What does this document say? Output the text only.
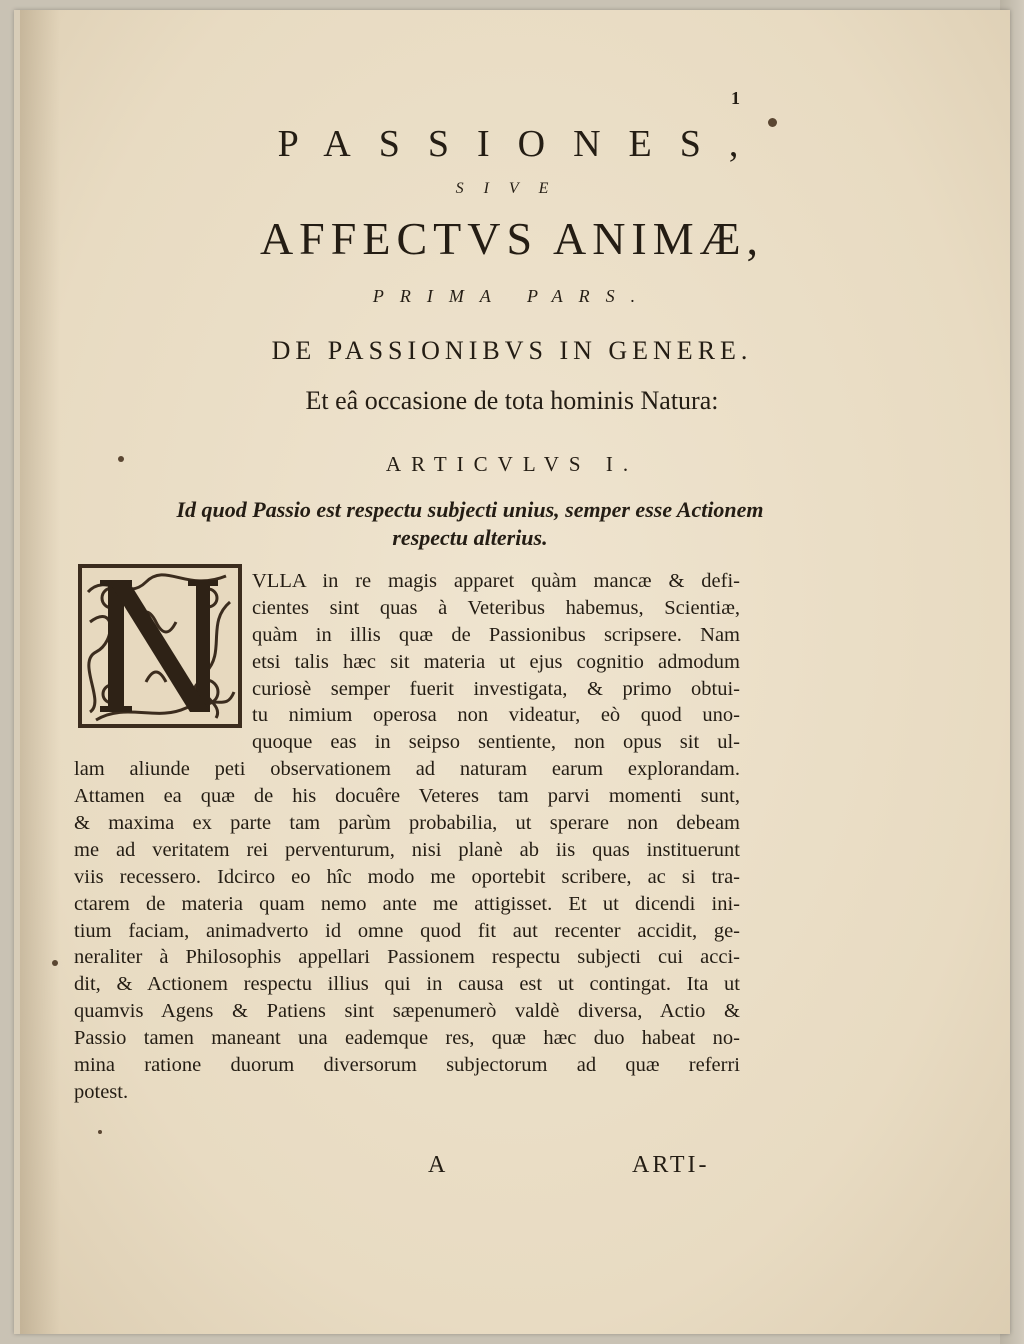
1
PASSIONES,
SIVE
AFFECTVS ANIMÆ,
PRIMA PARS.
DE PASSIONIBVS IN GENERE.
Et eâ occasione de tota hominis Natura:
ARTICVLVS I.
Id quod Passio est respectu subjecti unius, semper esse Actionem
respectu alterius.
N
VLLA in re magis apparet quàm mancæ & defi-
cientes sint quas à Veteribus habemus, Scientiæ,
quàm in illis quæ de Passionibus scripsere. Nam
etsi talis hæc sit materia ut ejus cognitio admodum
curiosè semper fuerit investigata, & primo obtui-
tu nimium operosa non videatur, eò quod uno-
quoque eas in seipso sentiente, non opus sit ul-
lam aliunde peti observationem ad naturam earum explorandam.
Attamen ea quæ de his docuêre Veteres tam parvi momenti sunt,
& maxima ex parte tam parùm probabilia, ut sperare non debeam
me ad veritatem rei perventurum, nisi planè ab iis quas instituerunt
viis recessero. Idcirco eo hîc modo me oportebit scribere, ac si tra-
ctarem de materia quam nemo ante me attigisset. Et ut dicendi ini-
tium faciam, animadverto id omne quod fit aut recenter accidit, ge-
neraliter à Philosophis appellari Passionem respectu subjecti cui acci-
dit, & Actionem respectu illius qui in causa est ut contingat. Ita ut
quamvis Agens & Patiens sint sæpenumerò valdè diversa, Actio &
Passio tamen maneant una eademque res, quæ hæc duo habeat no-
mina ratione duorum diversorum subjectorum ad quæ referri
potest.
A	ARTI-
